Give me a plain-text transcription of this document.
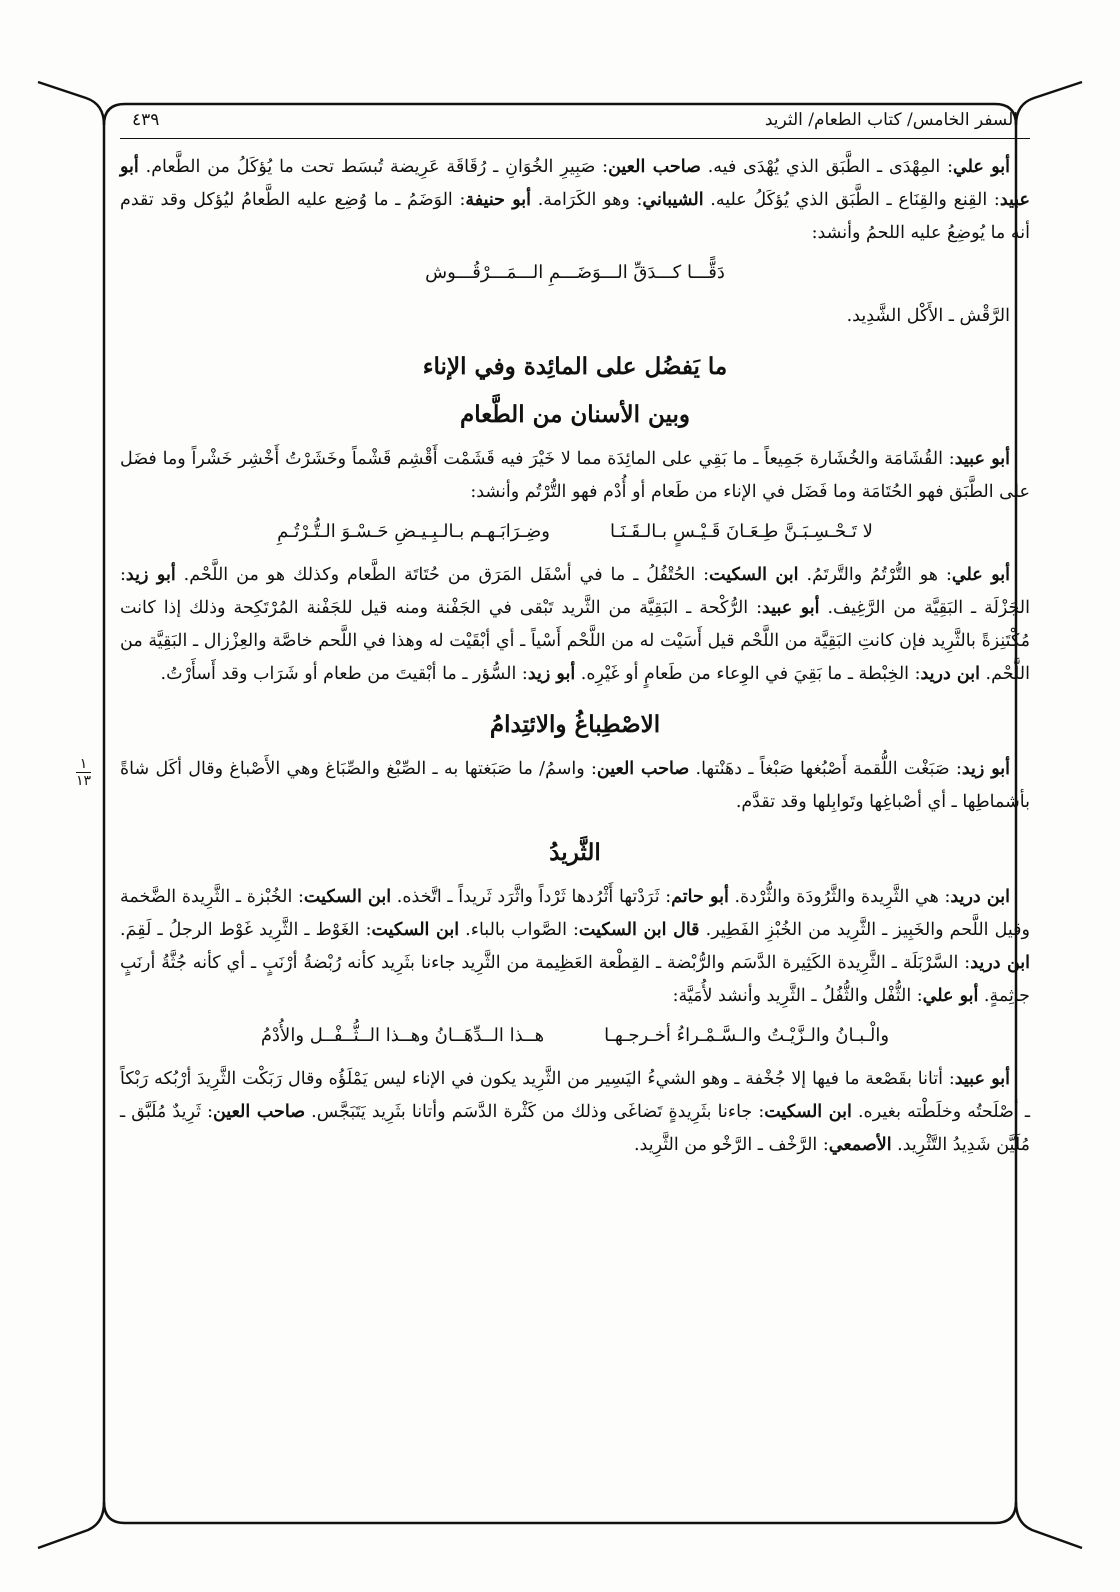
السفر الخامس/ كتاب الطعام/ الثريد
٤٣٩

أبو علي: المِهْدَى ـ الطَّبَق الذي يُهْدَى فيه. صاحب العين: صَبِيرِ الخُوَانِ ـ رُقَاقَة عَرِيضة تُبسَط تحت ما يُؤكَلُ من الطَّعام. أبو عبيد: القِنع والقِنَاع ـ الطَّبَق الذي يُؤكَلُ عليه. الشيباني: وهو الكَرَامة. أبو حنيفة: الوَضَمُ ـ ما وُضِع عليه الطَّعامُ ليُؤكل وقد تقدم أنه ما يُوضِعُ عليه اللحمُ وأنشد:

دَقًّـــا كـــدَقِّ الـــوَضَـــمِ الـــمَـــرْقُـــوش

الرَّقْش ـ الأَكْل الشَّدِيد.

ما يَفضُل على المائِدة وفي الإناء
وبين الأسنان من الطَّعام

أبو عبيد: القُشَامَة والخُشَارة جَمِيعاً ـ ما بَقِي على المائِدَة مما لا خَيْرَ فيه قَشَمْت أَقْشِم قَشْماً وخَشَرْتُ أَخْشِر خَشْراً وما فضَل على الطَّبَق فهو الحُتَامَة وما فَضَل في الإناء من طَعام أو أُدْم فهو التُّرْتُم وأنشد:

لا تَـحْـسِـبَـنَّ طِـعَـانَ قَـيْـسٍ بـالـقَـنَـا
وضِـرَابَـهـم بـالـبِـيـضِ حَـسْـوَ الـتُّـرْتُـمِ

أبو علي: هو التُّرْتُمُ والتَّرتَمُ. ابن السكيت: الحُتْفُلُ ـ ما في أسْفَل المَرَق من حُتَاتَة الطَّعام وكذلك هو من اللَّحْم. أبو زيد: الجَزْلَة ـ البَقِيَّة من الرَّغِيف. أبو عبيد: الرُّكْحة ـ البَقِيَّة من الثَّريد تَبْقى في الجَفْنة ومنه قيل للجَفْنة المُرْتَكِحة وذلك إذا كانت مُكْتَنِزةً بالثَّرِيد فإن كانتِ البَقِيَّة من اللَّحْم قيل أَسَيْت له من اللَّحْم أَسْياً ـ أي أبْقَيْت له وهذا في اللَّحم خاصَّة والعِزْزال ـ البَقِيَّة من اللَّحْم. ابن دريد: الخِبْطة ـ ما بَقِيَ في الوِعاء من طَعامٍ أو غَيْرِه. أبو زيد: السُّؤر ـ ما أبْقيتَ من طعام أو شَرَاب وقد أَسأَرْتُ.

الاصْطِباغُ والائتِدامُ
١
١٣

أبو زيد: صَبَغْت اللُّقمة أَصْبُغها صَبْغاً ـ دهَنْتها. صاحب العين: واسمُ/ ما صَبَغتها به ـ الصِّبْغ والصِّبَاغ وهي الأَصْباغ وقال أكَل شاةً بأشماطِها ـ أي أصْباغِها وتَوابِلها وقد تقدَّم.

الثَّريدُ

ابن دريد: هي الثَّرِيدة والثَّرُودَة والثُّرْدة. أبو حاتم: ثَرَدْتها أَثْرُدها ثَرْداً واثَّرَد ثَريداً ـ اتَّخذه. ابن السكيت: الخُبْزة ـ الثَّرِيدة الضَّخمة وقيل اللَّحم والخَبِيز ـ الثَّرِيد من الخُبْزِ الفَطِير. قال ابن السكيت: الصَّواب بالباء. ابن السكيت: الغَوْط ـ الثَّرِيد غَوْط الرجلُ ـ لَقِمَ. ابن دريد: السَّرْبَلَة ـ الثَّرِيدة الكَثِيرة الدَّسَم والرُّبْضة ـ القِطْعة العَظِيمة من الثَّرِيد جاءنا بثَرِيد كأنه رُبْضةُ أرْنَبٍ ـ أي كأنه جُثَّةُ أرنَبٍ جاثِمةٍ. أبو علي: الثُّفْل والثُّفُلُ ـ الثَّرِيد وأنشد لأُمَيَّة:

والْـبـانُ والـزَّيْـتُ والـسَّـمْـراءُ أخـرجـهـا
هــذا الــدِّهَــانُ وهــذا الــثُّــفْــل والأُدْمُ

أبو عبيد: أتانا بقَصْعة ما فيها إلا جُخْفة ـ وهو الشيءُ اليَسِير من الثَّرِيد يكون في الإناء ليس يَمْلَؤُه وقال رَبَكْت الثَّرِيدَ أرْبُكه رَبْكاً ـ أصْلَحتُه وخلَطْته بغيره. ابن السكيت: جاءنا بثَرِيدةٍ تَضاغَى وذلك من كَثْرة الدَّسَم وأتانا بثَرِيد يَتَبَجَّس. صاحب العين: ثَرِيدٌ مُلَبَّق ـ مُلَيَّن شَدِيدُ التَّثْرِيد. الأصمعي: الرَّخْف ـ الرَّخْو من الثَّرِيد.
